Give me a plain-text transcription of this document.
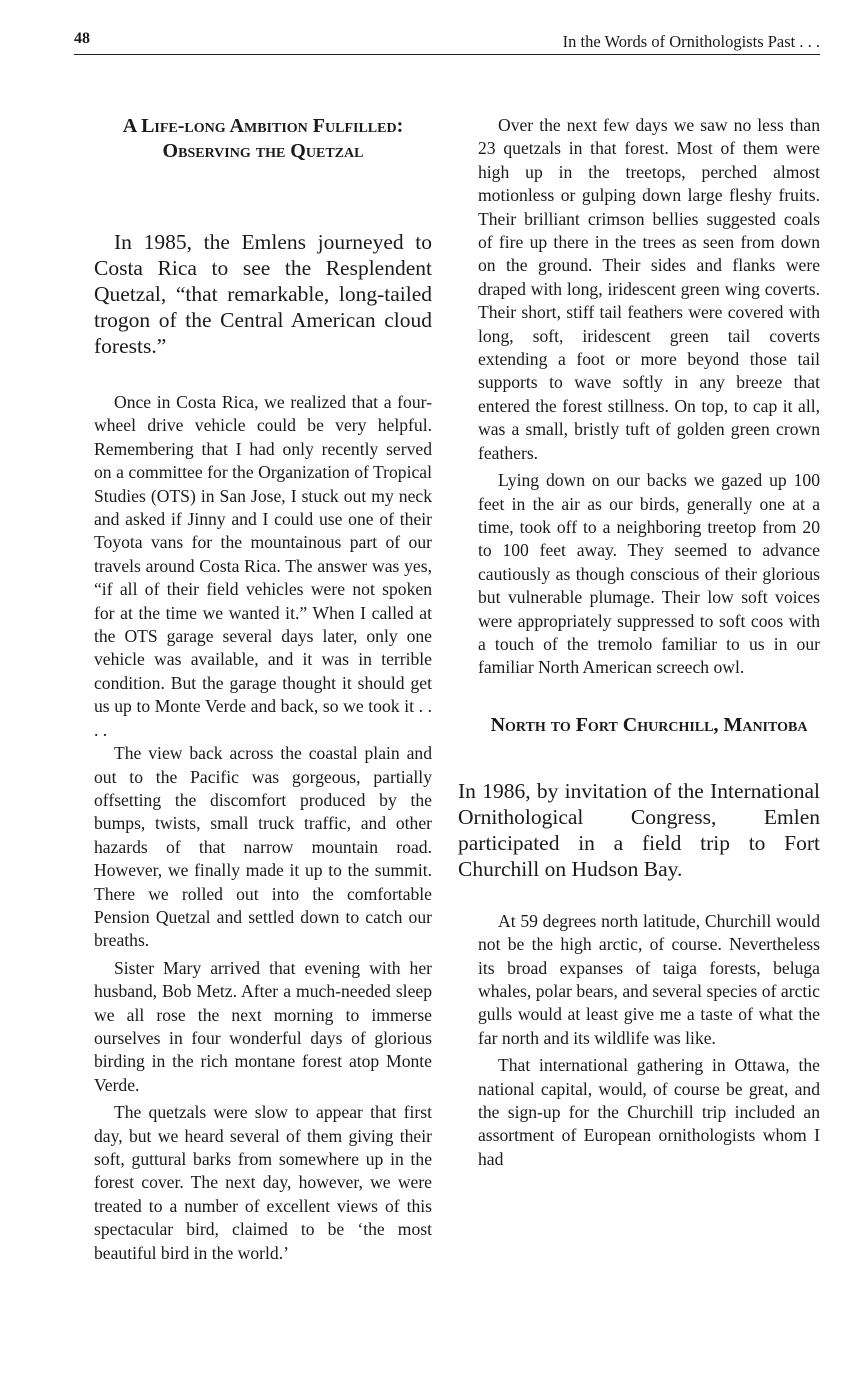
48	In the Words of Ornithologists Past . . .
A Life-long Ambition Fulfilled: Observing the Quetzal

In 1985, the Emlens journeyed to Costa Rica to see the Resplendent Quetzal, “that remarkable, long-tailed trogon of the Central American cloud forests.”

Once in Costa Rica, we realized that a four-wheel drive vehicle could be very helpful. Remembering that I had only recently served on a committee for the Organization of Tropical Studies (OTS) in San Jose, I stuck out my neck and asked if Jinny and I could use one of their Toyota vans for the mountainous part of our travels around Costa Rica. The answer was yes, “if all of their field vehicles were not spoken for at the time we wanted it.” When I called at the OTS garage several days later, only one vehicle was available, and it was in terrible condition. But the garage thought it should get us up to Monte Verde and back, so we took it . . . .

The view back across the coastal plain and out to the Pacific was gorgeous, partially offsetting the discomfort produced by the bumps, twists, small truck traffic, and other hazards of that narrow mountain road. However, we finally made it up to the summit. There we rolled out into the comfortable Pension Quetzal and settled down to catch our breaths.

Sister Mary arrived that evening with her husband, Bob Metz. After a much-needed sleep we all rose the next morning to immerse ourselves in four wonderful days of glorious birding in the rich montane forest atop Monte Verde.

The quetzals were slow to appear that first day, but we heard several of them giving their soft, guttural barks from somewhere up in the forest cover. The next day, however, we were treated to a number of excellent views of this spectacular bird, claimed to be ‘the most beautiful bird in the world.’

Over the next few days we saw no less than 23 quetzals in that forest. Most of them were high up in the treetops, perched almost motionless or gulping down large fleshy fruits. Their brilliant crimson bellies suggested coals of fire up there in the trees as seen from down on the ground. Their sides and flanks were draped with long, iridescent green wing coverts. Their short, stiff tail feathers were covered with long, soft, iridescent green tail coverts extending a foot or more beyond those tail supports to wave softly in any breeze that entered the forest stillness. On top, to cap it all, was a small, bristly tuft of golden green crown feathers.

Lying down on our backs we gazed up 100 feet in the air as our birds, generally one at a time, took off to a neighboring treetop from 20 to 100 feet away. They seemed to advance cautiously as though conscious of their glorious but vulnerable plumage. Their low soft voices were appropriately suppressed to soft coos with a touch of the tremolo familiar to us in our familiar North American screech owl.

North to Fort Churchill, Manitoba

In 1986, by invitation of the International Ornithological Congress, Emlen participated in a field trip to Fort Churchill on Hudson Bay.

At 59 degrees north latitude, Churchill would not be the high arctic, of course. Nevertheless its broad expanses of taiga forests, beluga whales, polar bears, and several species of arctic gulls would at least give me a taste of what the far north and its wildlife was like.

That international gathering in Ottawa, the national capital, would, of course be great, and the sign-up for the Churchill trip included an assortment of European ornithologists whom I had
